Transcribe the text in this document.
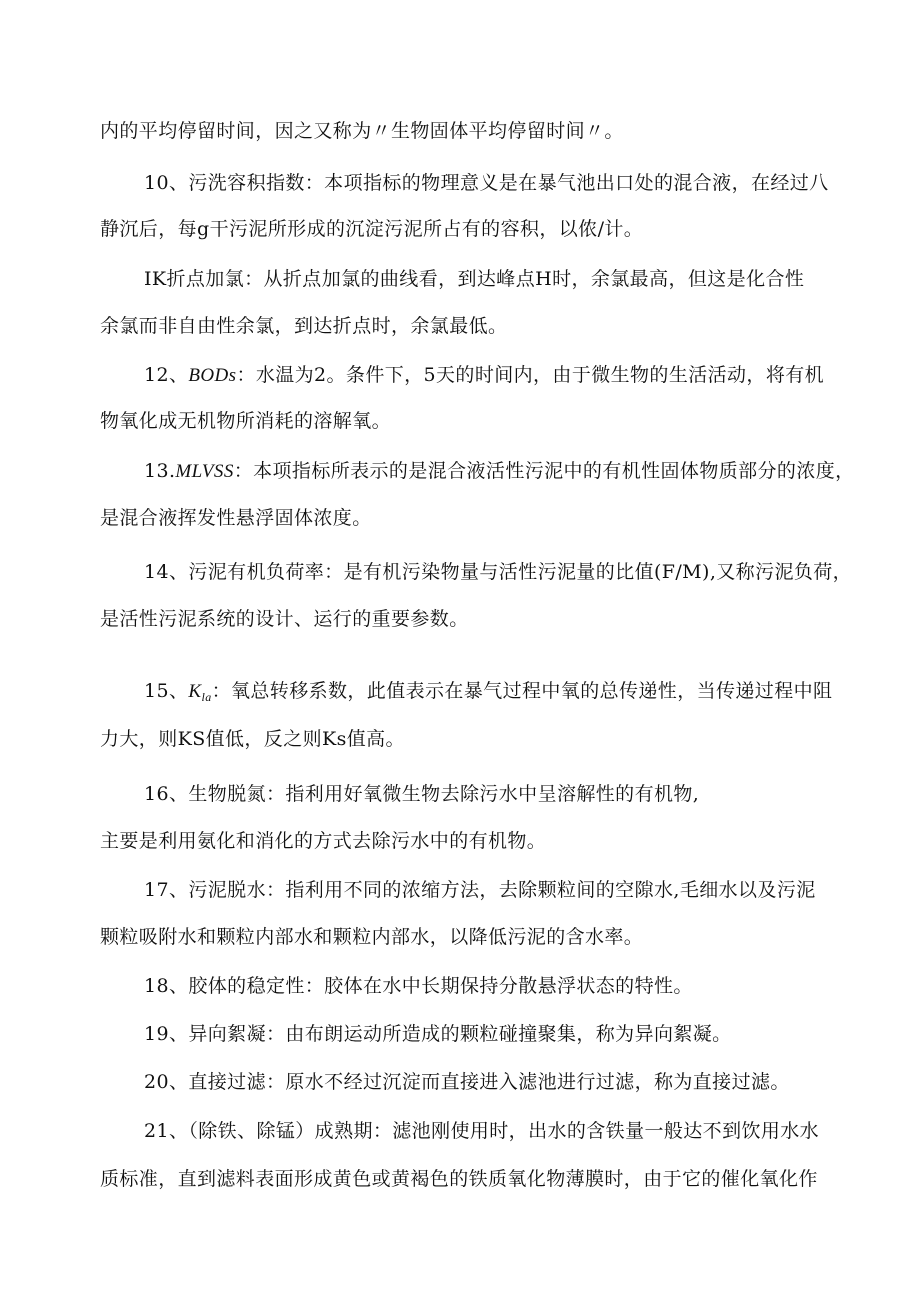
内的平均停留时间，因之又称为〃生物固体平均停留时间〃。
10、污洗容积指数：本项指标的物理意义是在暴气池出口处的混合液，在经过八
静沉后，每g干污泥所形成的沉淀污泥所占有的容积，以侬/计。
IK折点加氯：从折点加氯的曲线看，到达峰点H时，余氯最高，但这是化合性
余氯而非自由性余氯，到达折点时，余氯最低。
12、BODs：水温为2。条件下，5天的时间内，由于微生物的生活活动，将有机
物氧化成无机物所消耗的溶解氧。
13.MLVSS：本项指标所表示的是混合液活性污泥中的有机性固体物质部分的浓度，
是混合液挥发性悬浮固体浓度。
14、污泥有机负荷率：是有机污染物量与活性污泥量的比值(F/M),又称污泥负荷，
是活性污泥系统的设计、运行的重要参数。
15、$K_{la}$：氧总转移系数，此值表示在暴气过程中氧的总传递性，当传递过程中阻
力大，则KS值低，反之则Ks值高。
16、生物脱氮：指利用好氧微生物去除污水中呈溶解性的有机物,
主要是利用氨化和消化的方式去除污水中的有机物。
17、污泥脱水：指利用不同的浓缩方法，去除颗粒间的空隙水,毛细水以及污泥
颗粒吸附水和颗粒内部水和颗粒内部水，以降低污泥的含水率。
18、胶体的稳定性：胶体在水中长期保持分散悬浮状态的特性。
19、异向絮凝：由布朗运动所造成的颗粒碰撞聚集，称为异向絮凝。
20、直接过滤：原水不经过沉淀而直接进入滤池进行过滤，称为直接过滤。
21、（除铁、除锰）成熟期：滤池刚使用时，出水的含铁量一般达不到饮用水水
质标准，直到滤料表面形成黄色或黄褐色的铁质氧化物薄膜时，由于它的催化氧化作
